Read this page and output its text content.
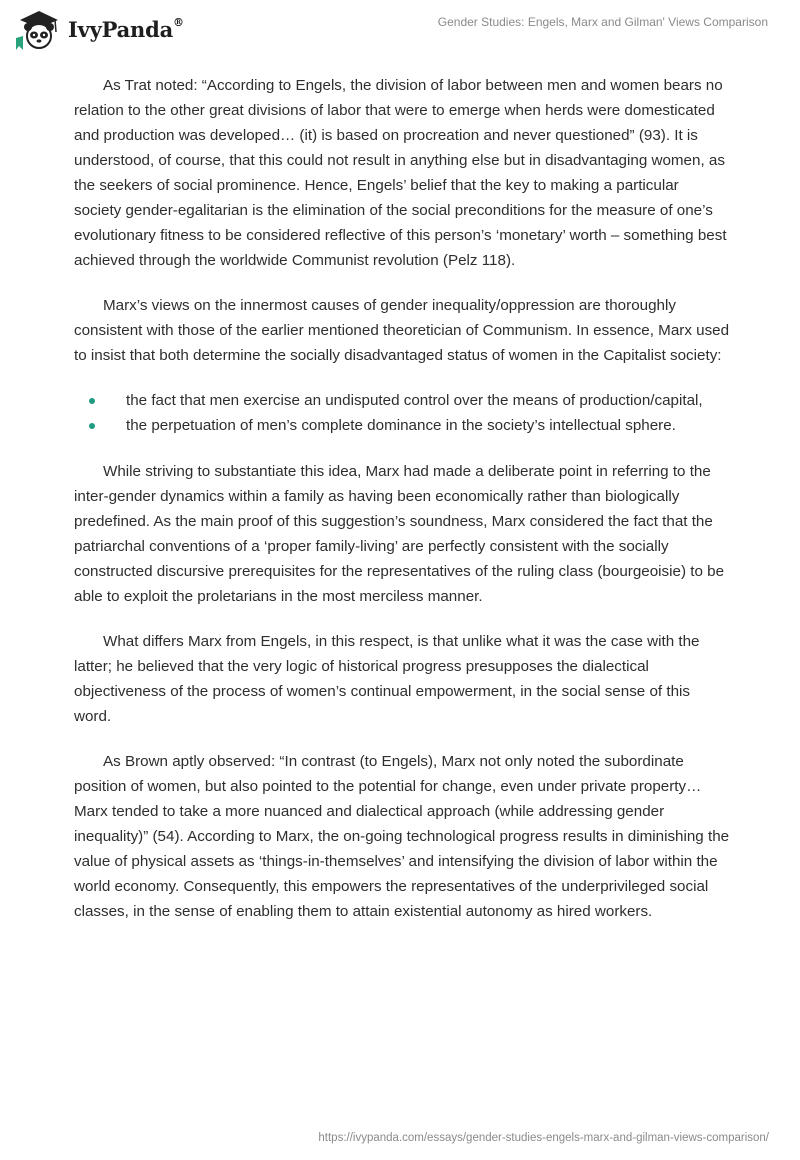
IvyPanda®	Gender Studies: Engels, Marx and Gilman' Views Comparison

As Trat noted: “According to Engels, the division of labor between men and women bears no relation to the other great divisions of labor that were to emerge when herds were domesticated and production was developed… (it) is based on procreation and never questioned” (93). It is understood, of course, that this could not result in anything else but in disadvantaging women, as the seekers of social prominence. Hence, Engels’ belief that the key to making a particular society gender-egalitarian is the elimination of the social preconditions for the measure of one’s evolutionary fitness to be considered reflective of this person’s ‘monetary’ worth – something best achieved through the worldwide Communist revolution (Pelz 118).

Marx’s views on the innermost causes of gender inequality/oppression are thoroughly consistent with those of the earlier mentioned theoretician of Communism. In essence, Marx used to insist that both determine the socially disadvantaged status of women in the Capitalist society:

the fact that men exercise an undisputed control over the means of production/capital,
the perpetuation of men’s complete dominance in the society’s intellectual sphere.

While striving to substantiate this idea, Marx had made a deliberate point in referring to the inter-gender dynamics within a family as having been economically rather than biologically predefined. As the main proof of this suggestion’s soundness, Marx considered the fact that the patriarchal conventions of a ‘proper family-living’ are perfectly consistent with the socially constructed discursive prerequisites for the representatives of the ruling class (bourgeoisie) to be able to exploit the proletarians in the most merciless manner.

What differs Marx from Engels, in this respect, is that unlike what it was the case with the latter; he believed that the very logic of historical progress presupposes the dialectical objectiveness of the process of women’s continual empowerment, in the social sense of this word.

As Brown aptly observed: “In contrast (to Engels), Marx not only noted the subordinate position of women, but also pointed to the potential for change, even under private property… Marx tended to take a more nuanced and dialectical approach (while addressing gender inequality)” (54). According to Marx, the on-going technological progress results in diminishing the value of physical assets as ‘things-in-themselves’ and intensifying the division of labor within the world economy. Consequently, this empowers the representatives of the underprivileged social classes, in the sense of enabling them to attain existential autonomy as hired workers.

https://ivypanda.com/essays/gender-studies-engels-marx-and-gilman-views-comparison/
